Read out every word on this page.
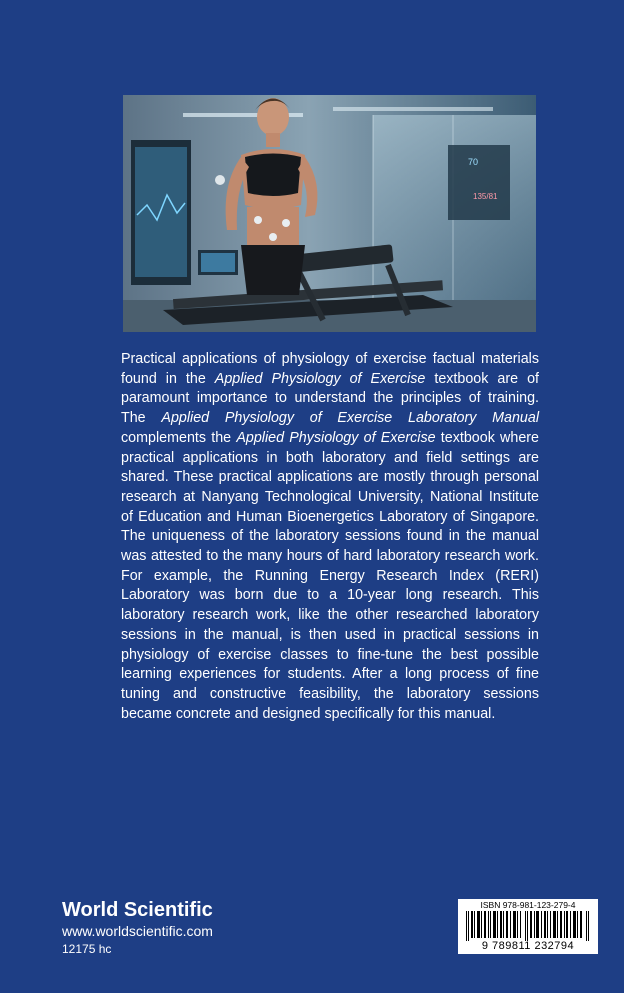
70
135/81

Practical applications of physiology of exercise factual materials found in the Applied Physiology of Exercise textbook are of paramount importance to understand the principles of training. The Applied Physiology of Exercise Laboratory Manual complements the Applied Physiology of Exercise textbook where practical applications in both laboratory and field settings are shared. These practical applications are mostly through personal research at Nanyang Technological University, National Institute of Education and Human Bioenergetics Laboratory of Singapore. The uniqueness of the laboratory sessions found in the manual was attested to the many hours of hard laboratory research work. For example, the Running Energy Research Index (RERI) Laboratory was born due to a 10-year long research. This laboratory research work, like the other researched laboratory sessions in the manual, is then used in practical sessions in physiology of exercise classes to fine-tune the best possible learning experiences for students. After a long process of fine tuning and constructive feasibility, the laboratory sessions became concrete and designed specifically for this manual.

World Scientific
www.worldscientific.com
12175 hc
ISBN 978-981-123-279-4
9 789811 232794
